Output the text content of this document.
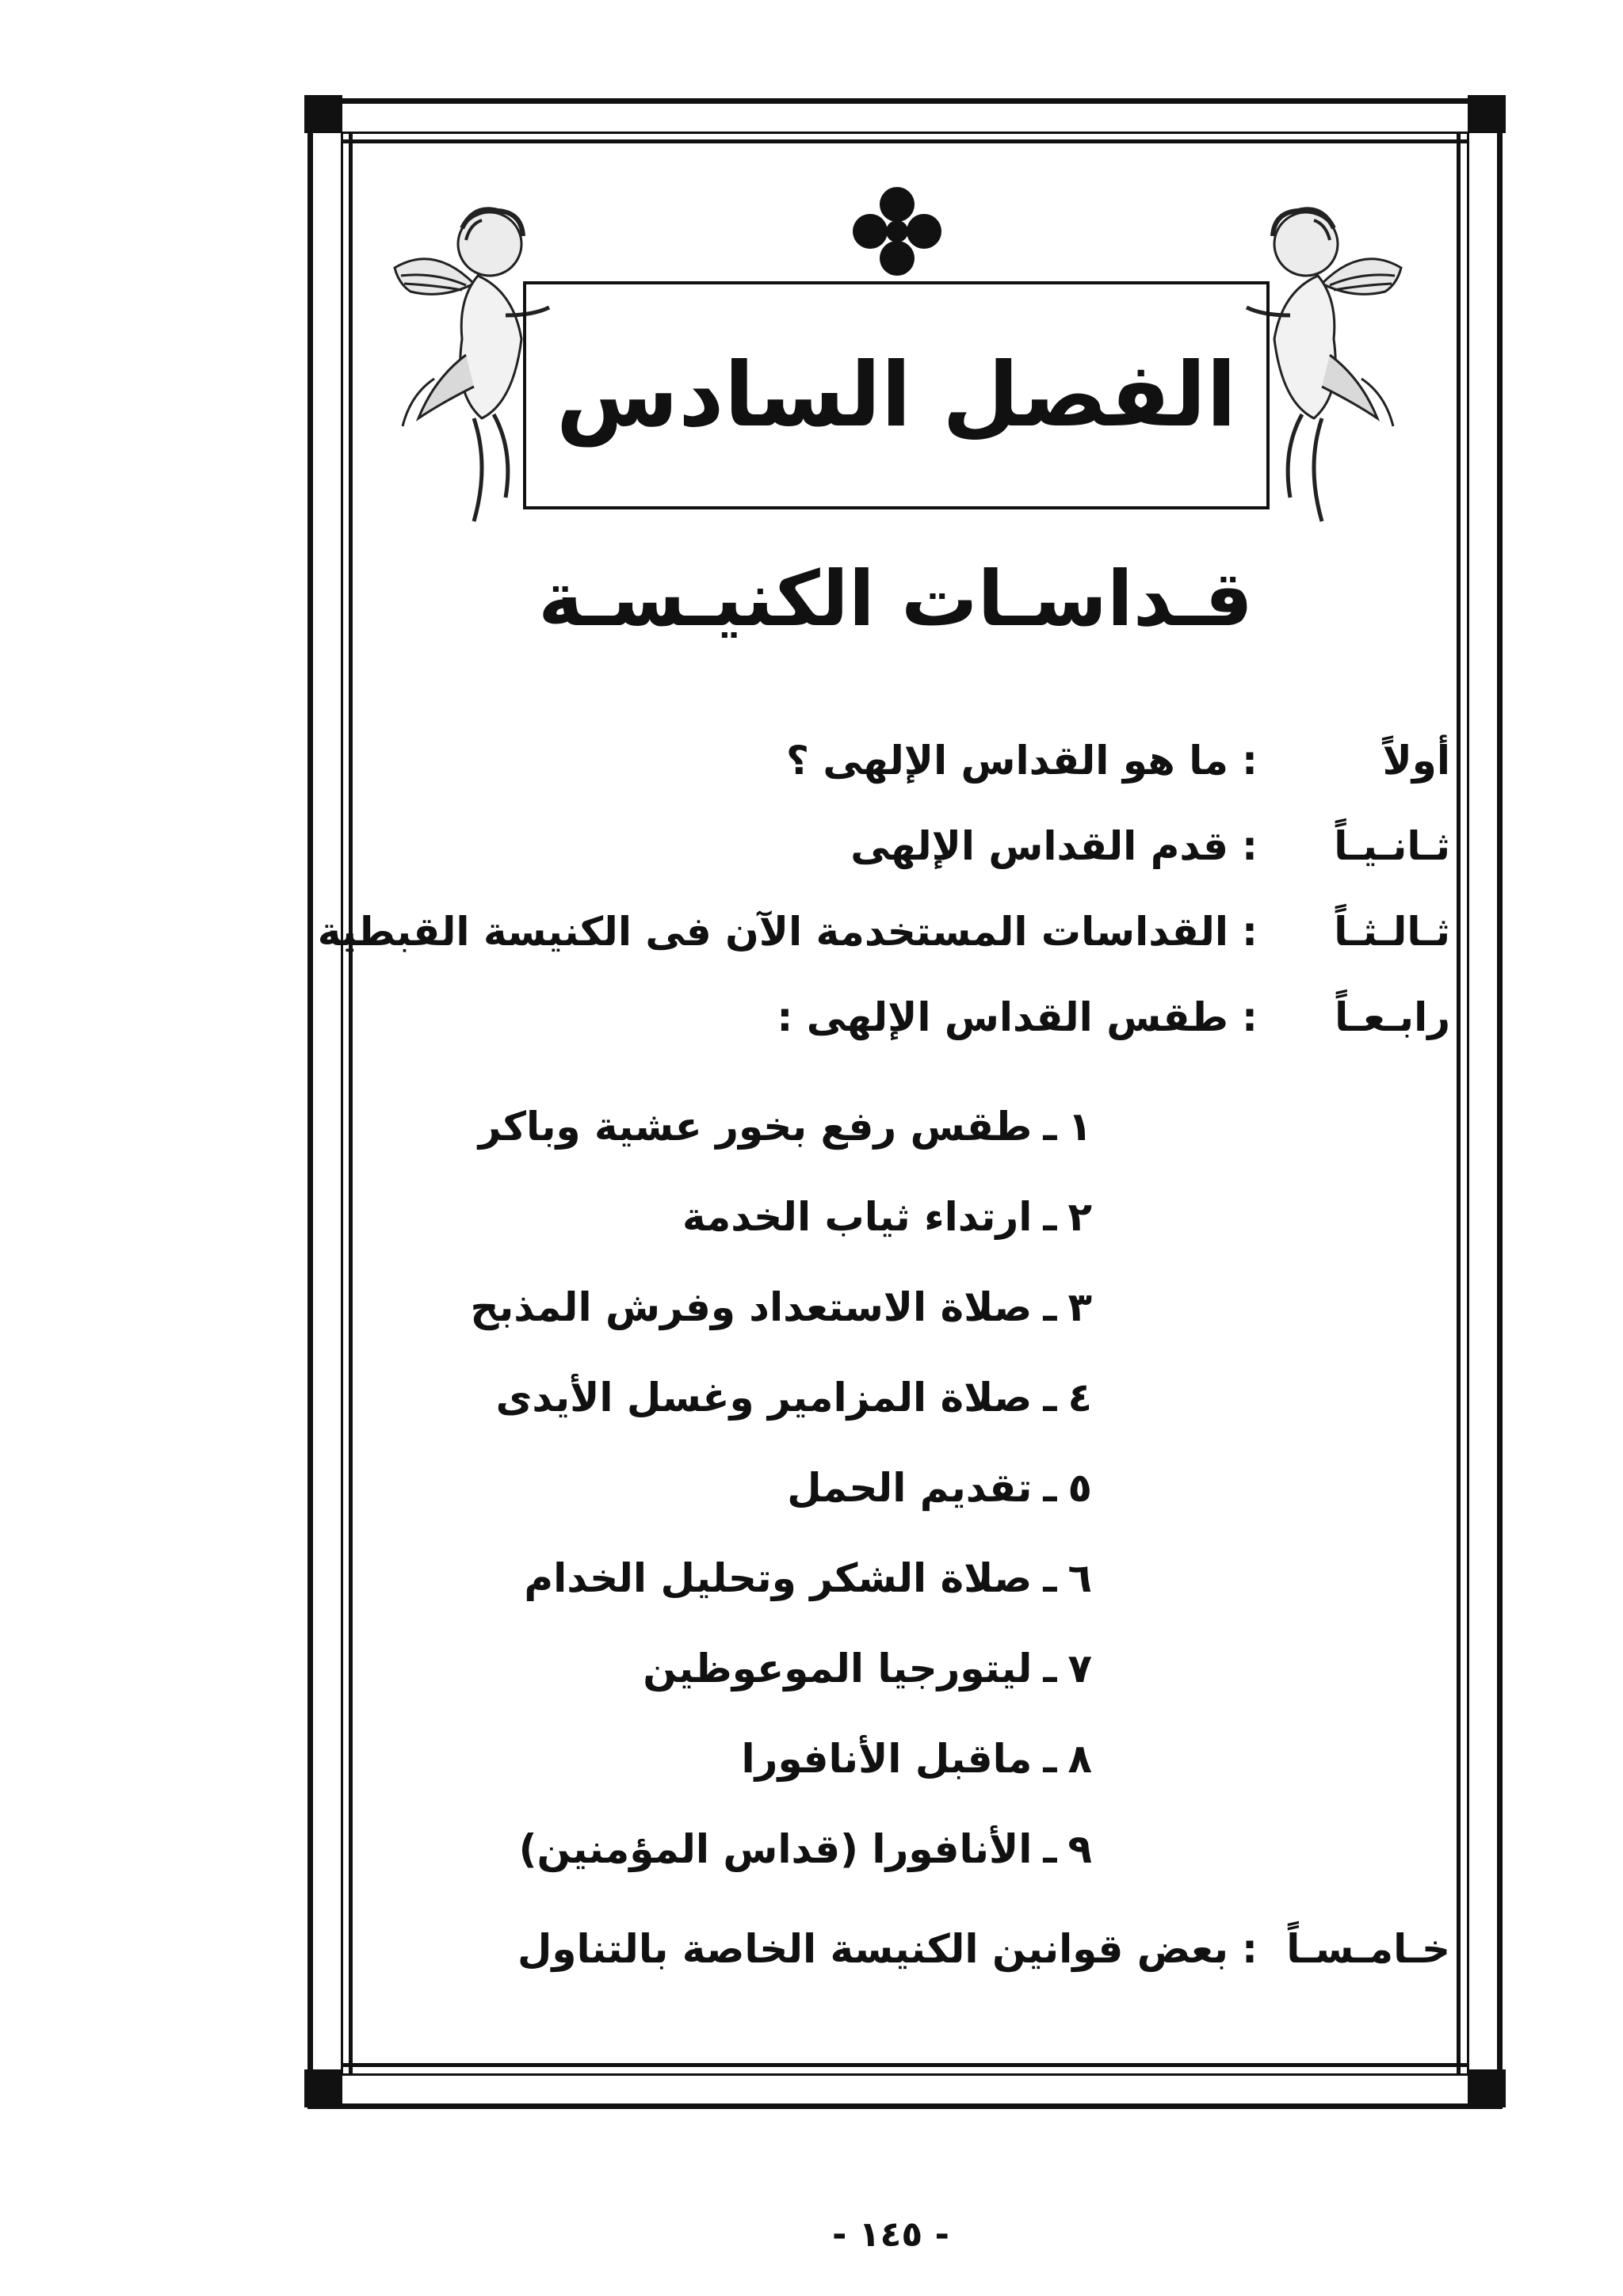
الفصل السادس
قـداسـات الكنيـسـة
أولاً
:
ما هو القداس الإلهى ؟
ثـانـيـاً
:
قدم القداس الإلهى
ثـالـثـاً
:
القداسات المستخدمة الآن فى الكنيسة القبطية
رابـعـاً
:
طقس القداس الإلهى :
١
ـ
طقس رفع بخور عشية وباكر
٢
ـ
ارتداء ثياب الخدمة
٣
ـ
صلاة الاستعداد وفرش المذبح
٤
ـ
صلاة المزامير وغسل الأيدى
٥
ـ
تقديم الحمل
٦
ـ
صلاة الشكر وتحليل الخدام
٧
ـ
ليتورجيا الموعوظين
٨
ـ
ماقبل الأنافورا
٩
ـ
الأنافورا (قداس المؤمنين)
خـامـسـاً
:
بعض قوانين الكنيسة الخاصة بالتناول
- ١٤٥ -
